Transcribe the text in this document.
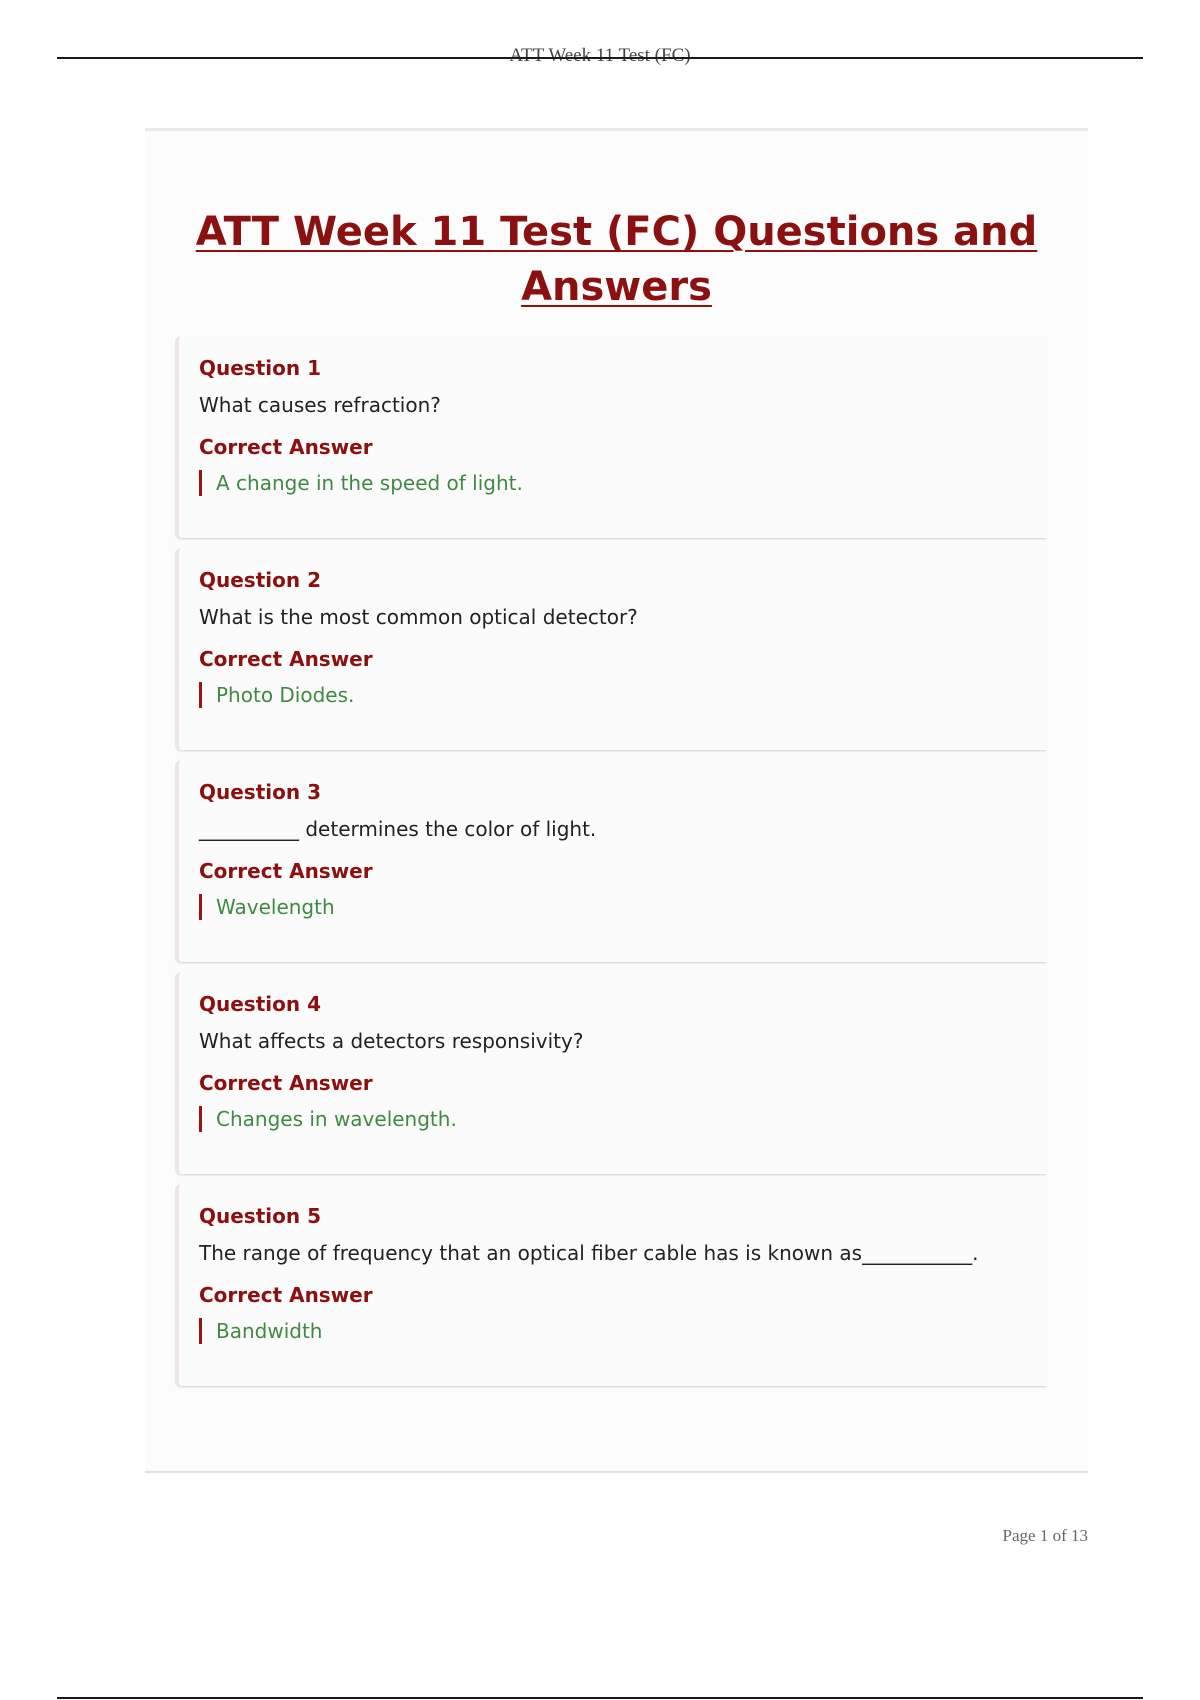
ATT Week 11 Test (FC)
ATT Week 11 Test (FC) Questions and Answers
Question 1
What causes refraction?
Correct Answer
A change in the speed of light.
Question 2
What is the most common optical detector?
Correct Answer
Photo Diodes.
Question 3
__________ determines the color of light.
Correct Answer
Wavelength
Question 4
What affects a detectors responsivity?
Correct Answer
Changes in wavelength.
Question 5
The range of frequency that an optical fiber cable has is known as___________.
Correct Answer
Bandwidth
Page 1 of 13
